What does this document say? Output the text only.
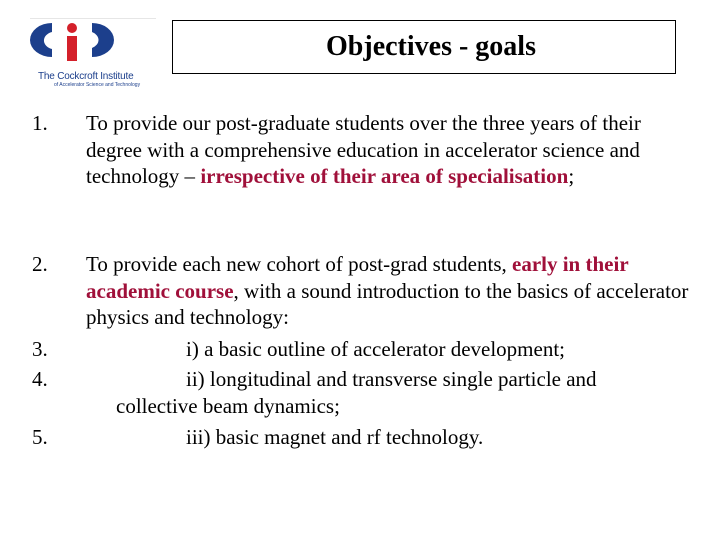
The Cockcroft Institute
of Accelerator Science and Technology
Objectives - goals
1.	To provide our post-graduate students over the three years of their degree with a comprehensive education in accelerator science and technology – irrespective of their area of specialisation;
2.	To provide each new cohort of post-grad students, early in their academic course, with a sound introduction to the basics of accelerator physics and technology:
3.	i) a basic outline of accelerator development;
4.	ii) longitudinal and transverse single particle and
collective beam dynamics;
5.	iii) basic magnet and rf technology.
